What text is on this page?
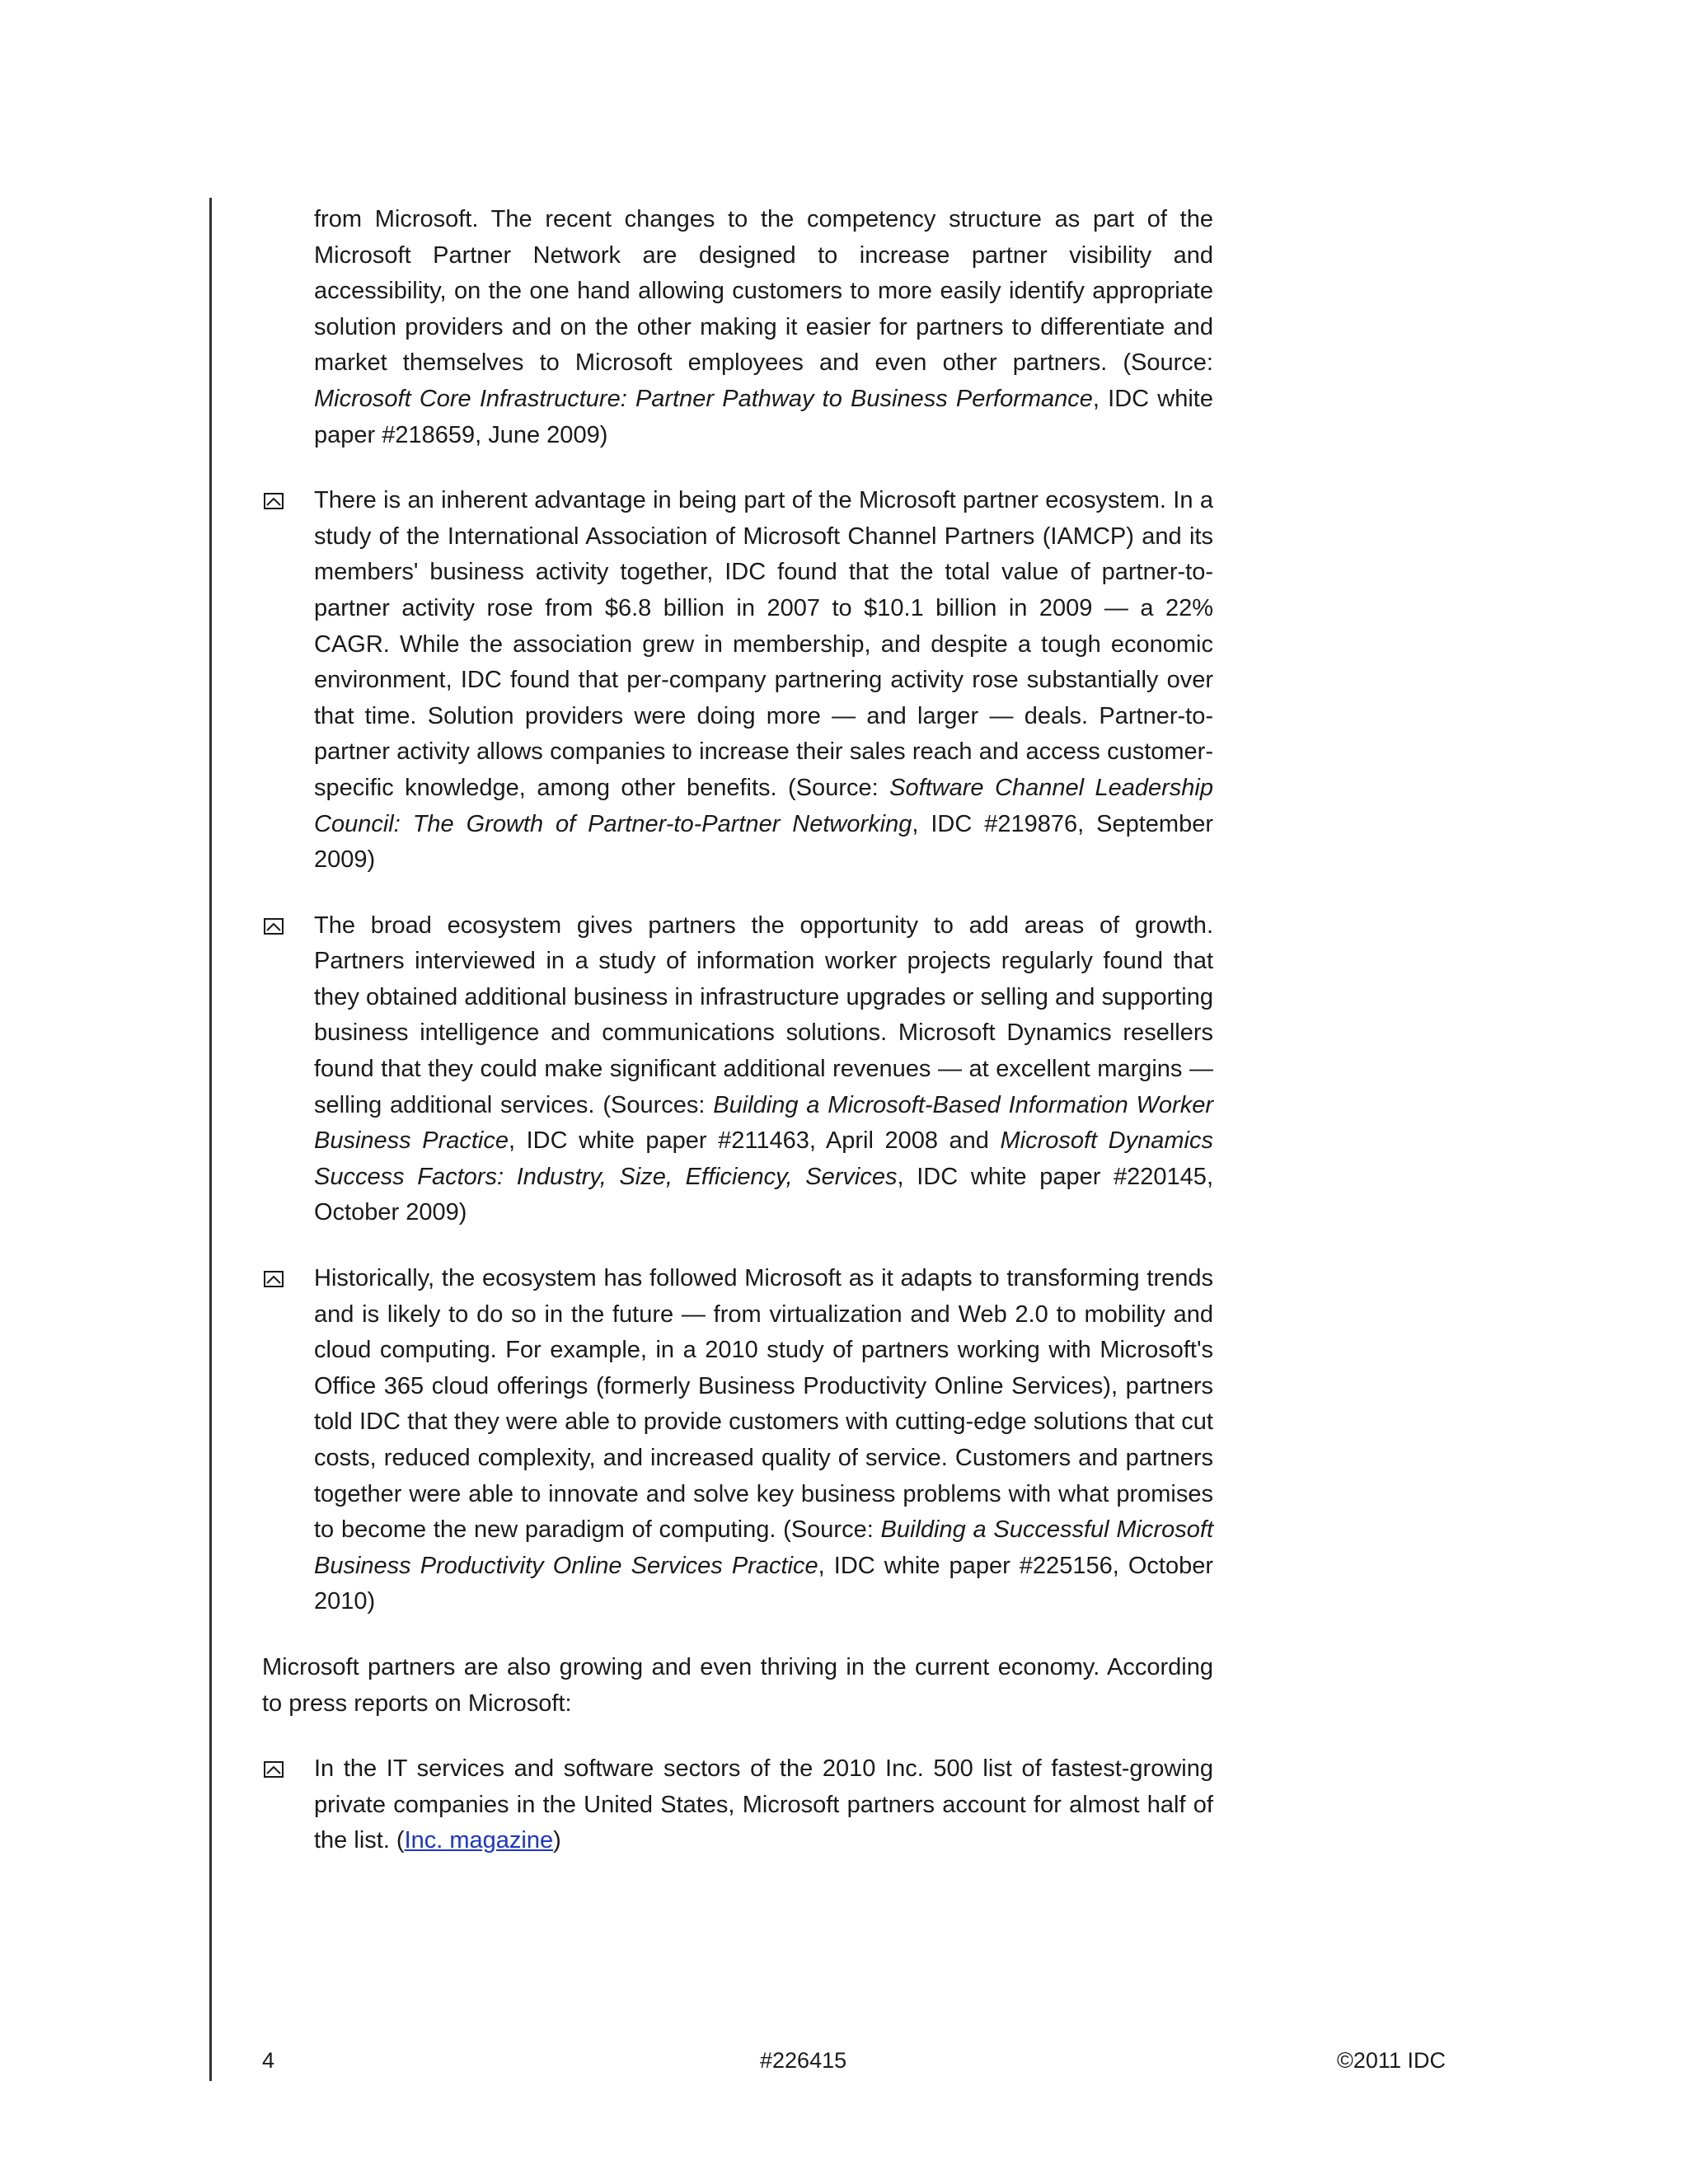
from Microsoft. The recent changes to the competency structure as part of the Microsoft Partner Network are designed to increase partner visibility and accessibility, on the one hand allowing customers to more easily identify appropriate solution providers and on the other making it easier for partners to differentiate and market themselves to Microsoft employees and even other partners. (Source: Microsoft Core Infrastructure: Partner Pathway to Business Performance, IDC white paper #218659, June 2009)

There is an inherent advantage in being part of the Microsoft partner ecosystem. In a study of the International Association of Microsoft Channel Partners (IAMCP) and its members' business activity together, IDC found that the total value of partner-to-partner activity rose from $6.8 billion in 2007 to $10.1 billion in 2009 — a 22% CAGR. While the association grew in membership, and despite a tough economic environment, IDC found that per-company partnering activity rose substantially over that time. Solution providers were doing more — and larger — deals. Partner-to-partner activity allows companies to increase their sales reach and access customer-specific knowledge, among other benefits. (Source: Software Channel Leadership Council: The Growth of Partner-to-Partner Networking, IDC #219876, September 2009)

The broad ecosystem gives partners the opportunity to add areas of growth. Partners interviewed in a study of information worker projects regularly found that they obtained additional business in infrastructure upgrades or selling and supporting business intelligence and communications solutions. Microsoft Dynamics resellers found that they could make significant additional revenues — at excellent margins — selling additional services. (Sources: Building a Microsoft-Based Information Worker Business Practice, IDC white paper #211463, April 2008 and Microsoft Dynamics Success Factors: Industry, Size, Efficiency, Services, IDC white paper #220145, October 2009)

Historically, the ecosystem has followed Microsoft as it adapts to transforming trends and is likely to do so in the future — from virtualization and Web 2.0 to mobility and cloud computing. For example, in a 2010 study of partners working with Microsoft's Office 365 cloud offerings (formerly Business Productivity Online Services), partners told IDC that they were able to provide customers with cutting-edge solutions that cut costs, reduced complexity, and increased quality of service. Customers and partners together were able to innovate and solve key business problems with what promises to become the new paradigm of computing. (Source: Building a Successful Microsoft Business Productivity Online Services Practice, IDC white paper #225156, October 2010)

Microsoft partners are also growing and even thriving in the current economy. According to press reports on Microsoft:

In the IT services and software sectors of the 2010 Inc. 500 list of fastest-growing private companies in the United States, Microsoft partners account for almost half of the list. (Inc. magazine)

4	#226415	©2011 IDC
